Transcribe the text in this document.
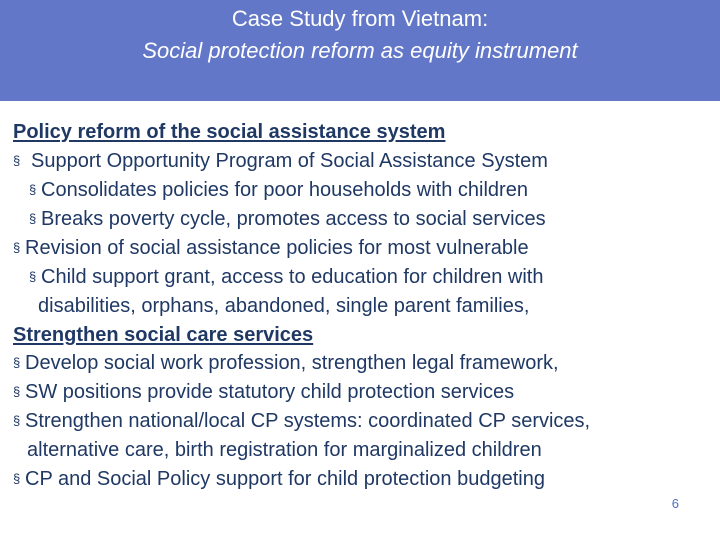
Case Study from Vietnam:
Social protection reform as equity instrument
Policy reform of the social assistance system
§ Support Opportunity Program of Social Assistance System
§ Consolidates policies for poor households with children
§ Breaks poverty cycle, promotes access to social services
§ Revision of social assistance policies for most vulnerable
§ Child support grant, access to education for children with
disabilities, orphans, abandoned, single parent families,
Strengthen social care services
§ Develop social work profession, strengthen legal framework,
§ SW positions provide statutory child protection services
§ Strengthen national/local CP systems: coordinated CP services,
alternative care, birth registration for marginalized children
§ CP and Social Policy support for child protection budgeting
6
